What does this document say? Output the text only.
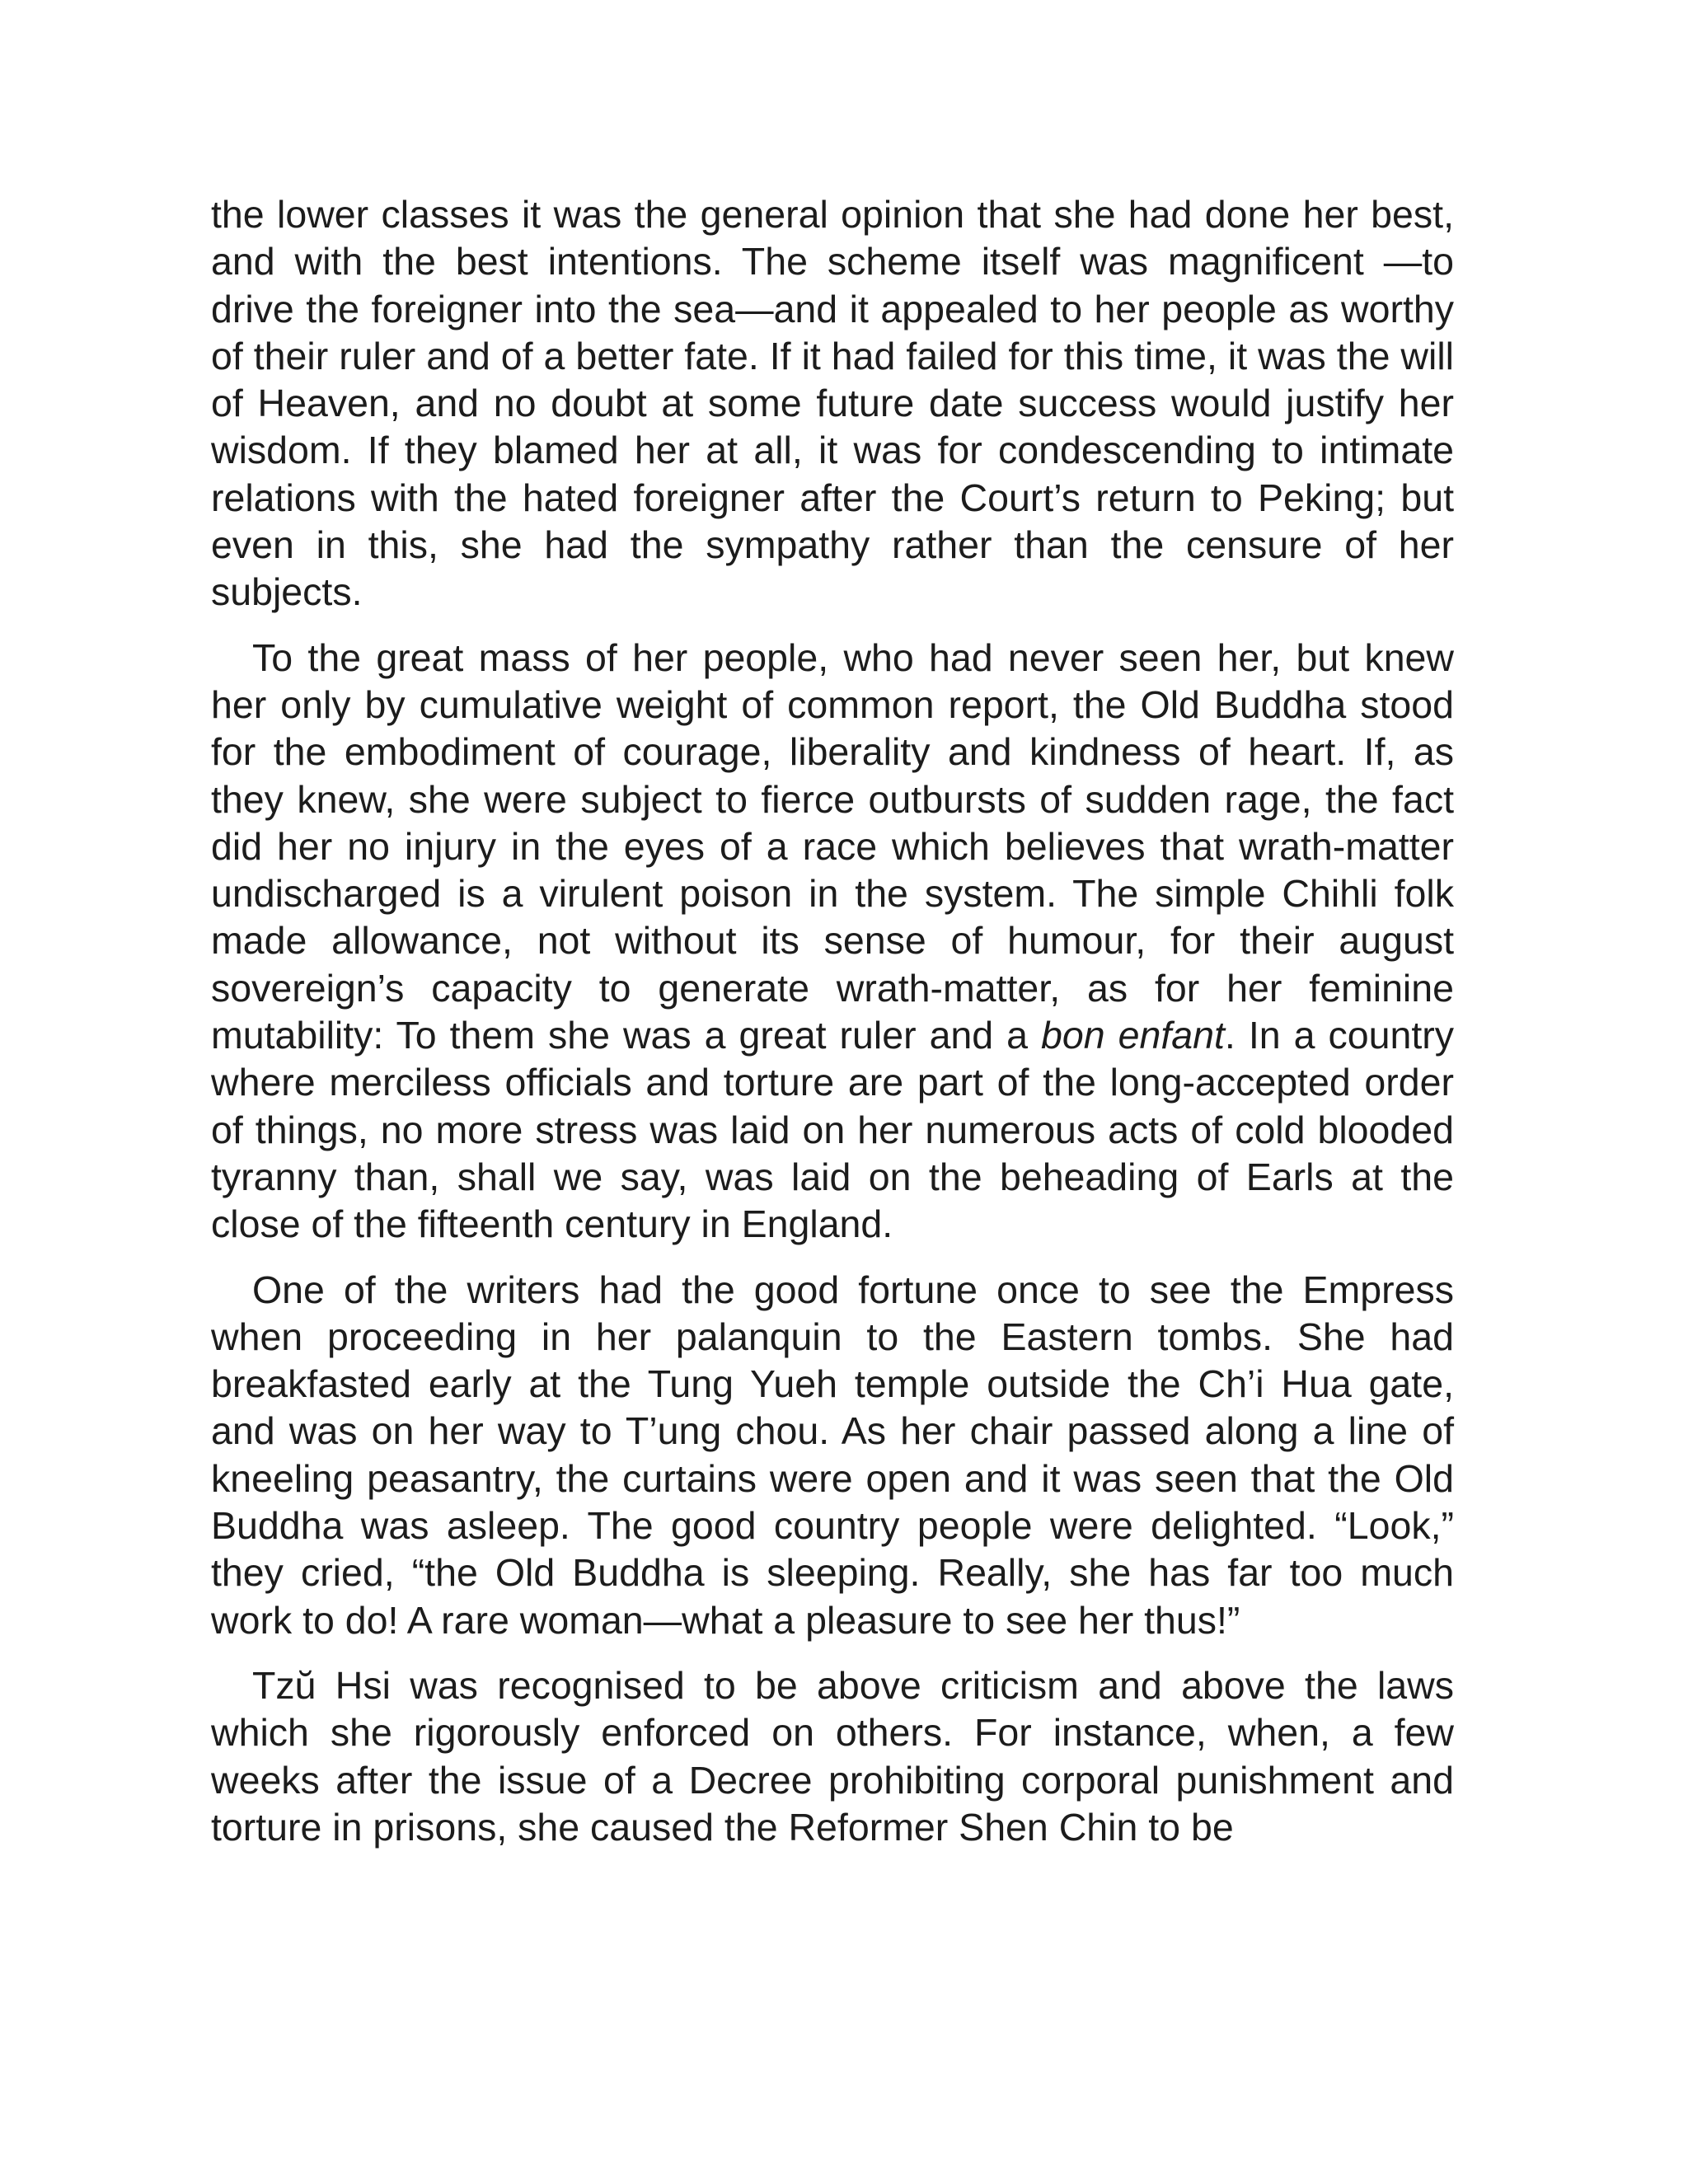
the lower classes it was the general opinion that she had done her best, and with the best intentions. The scheme itself was magnificent —to drive the foreigner into the sea—and it appealed to her people as worthy of their ruler and of a better fate. If it had failed for this time, it was the will of Heaven, and no doubt at some future date success would justify her wisdom. If they blamed her at all, it was for condescending to intimate relations with the hated foreigner after the Court’s return to Peking; but even in this, she had the sympathy rather than the censure of her subjects.

To the great mass of her people, who had never seen her, but knew her only by cumulative weight of common report, the Old Buddha stood for the embodiment of courage, liberality and kindness of heart. If, as they knew, she were subject to fierce outbursts of sudden rage, the fact did her no injury in the eyes of a race which believes that wrath-matter undischarged is a virulent poison in the system. The simple Chihli folk made allowance, not without its sense of humour, for their august sovereign’s capacity to generate wrath-matter, as for her feminine mutability: To them she was a great ruler and a bon enfant. In a country where merciless officials and torture are part of the long-accepted order of things, no more stress was laid on her numerous acts of cold blooded tyranny than, shall we say, was laid on the beheading of Earls at the close of the fifteenth century in England.

One of the writers had the good fortune once to see the Empress when proceeding in her palanquin to the Eastern tombs. She had breakfasted early at the Tung Yueh temple outside the Ch’i Hua gate, and was on her way to T’ung chou. As her chair passed along a line of kneeling peasantry, the curtains were open and it was seen that the Old Buddha was asleep. The good country people were delighted. “Look,” they cried, “the Old Buddha is sleeping. Really, she has far too much work to do! A rare woman—what a pleasure to see her thus!”

Tzŭ Hsi was recognised to be above criticism and above the laws which she rigorously enforced on others. For instance, when, a few weeks after the issue of a Decree prohibiting corporal punishment and torture in prisons, she caused the Reformer Shen Chin to be
